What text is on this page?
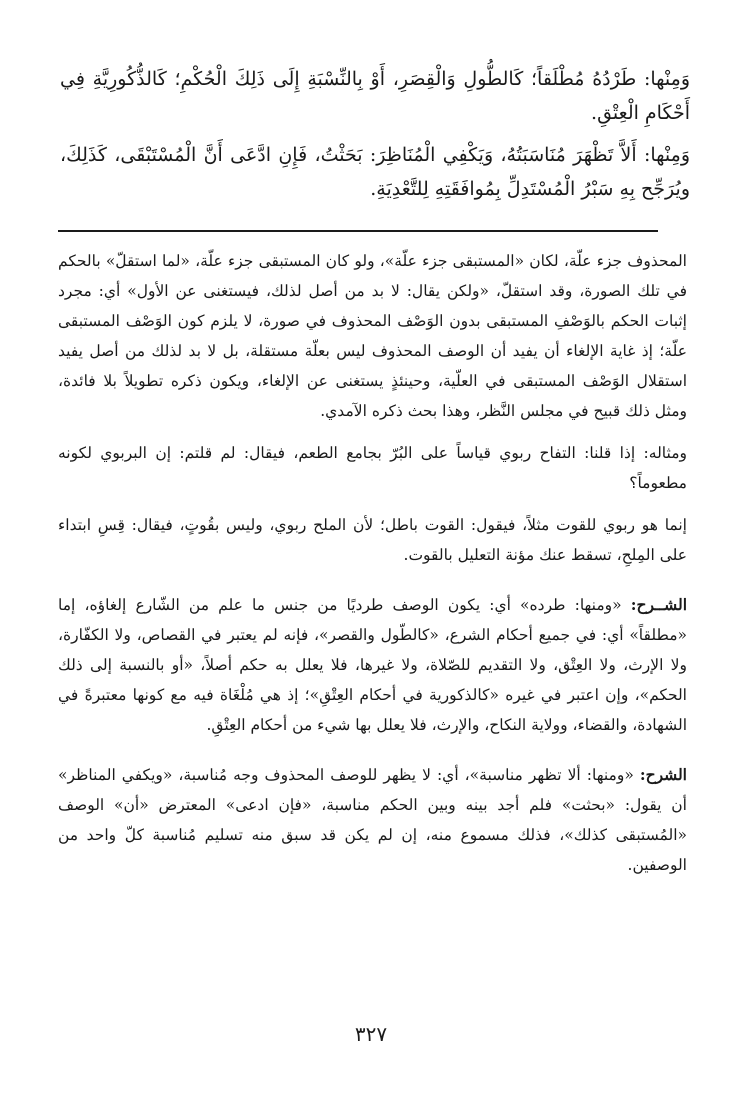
وَمِنْها: طَرْدُهُ مُطْلَقاً؛ كَالطُّولِ وَالْقِصَرِ، أَوْ بِالنِّسْبَةِ إِلَى ذَلِكَ الْحُكْمِ؛ كَالذُّكُورِيَّةِ فِي أَحْكَامِ الْعِتْقِ.

وَمِنْها: أَلاَّ تَظْهَرَ مُنَاسَبَتُهُ، وَيَكْفِي الْمُنَاظِرَ: بَحَثْتُ، فَإِنِ ادَّعَى أَنَّ الْمُسْتَبْقَى، كَذَلِكَ، ويُرَجِّح بِهِ سَبْرُ الْمُسْتَدِلِّ بِمُوافَقَتِهِ لِلتَّعْدِيَةِ.

المحذوف جزء علّة، لكان «المستبقى جزء علّة»، ولو كان المستبقى جزء علّة، «لما استقلّ» بالحكم في تلك الصورة، وقد استقلّ، «ولكن يقال: لا بد من أصل لذلك، فيستغنى عن الأول» أي: مجرد إثبات الحكم بالوَصْفِ المستبقى بدون الوَصْف المحذوف في صورة، لا يلزم كون الوَصْف المستبقى علّة؛ إذ غاية الإلغاء أن يفيد أن الوصف المحذوف ليس بعلّة مستقلة، بل لا بد لذلك من أصل يفيد استقلال الوَصْف المستبقى في العلّية، وحينئذٍ يستغنى عن الإلغاء، ويكون ذكره تطويلاً بلا فائدة، ومثل ذلك قبيح في مجلس النَّظر، وهذا بحث ذكره الآمدي.

ومثاله: إذا قلنا: التفاح ربوي قياساً على البُرّ بجامع الطعم، فيقال: لم قلتم: إن البربوي لكونه مطعوماً؟

إنما هو ربوي للقوت مثلاً، فيقول: القوت باطل؛ لأن الملح ربوي، وليس بقُوتٍ، فيقال: قِسِ ابتداء على المِلحِ، تسقط عنك مؤنة التعليل بالقوت.

الشــرح: «ومنها: طرده» أي: يكون الوصف طرديًا من جنس ما علم من الشّارع إلغاؤه، إما «مطلقاً» أي: في جميع أحكام الشرع، «كالطّول والقصر»، فإنه لم يعتبر في القصاص، ولا الكفّارة، ولا الإرث، ولا العِتْق، ولا التقديم للصّلاة، ولا غيرها، فلا يعلل به حكم أصلاً، «أو بالنسبة إلى ذلك الحكم»، وإن اعتبر في غيره «كالذكورية في أحكام العِتْقِ»؛ إذ هي مُلْغَاة فيه مع كونها معتبرةً في الشهادة، والقضاء، وولاية النكاح، والإرث، فلا يعلل بها شيء من أحكام العِتْقِ.

الشرح: «ومنها: ألا تظهر مناسبة»، أي: لا يظهر للوصف المحذوف وجه مُناسبة، «ويكفي المناظر» أن يقول: «بحثت» فلم أجد بينه وبين الحكم مناسبة، «فإن ادعى» المعترض «أن» الوصف «المُستبقى كذلك»، فذلك مسموع منه، إن لم يكن قد سبق منه تسليم مُناسبة كلّ واحد من الوصفين.

٣٢٧
